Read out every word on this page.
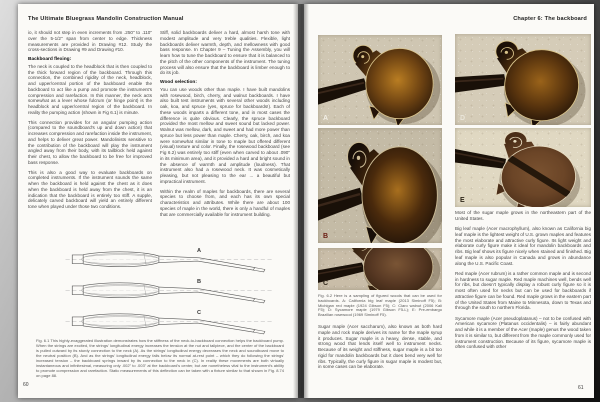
The Ultimate Bluegrass Mandolin Construction Manual

io, it should not step in even increments from .250" to .110" over the 5-1/2" span from center to edge. Thickness measurements are provided in Drawing #12. Study the cross-sections in Drawing #9 and Drawing #10.

Backboard flexing:

The neck is coupled to the headblock that is then coupled to the thick forward region of the backboard. Through this connection, the combined rigidity of the neck, headblock, and upper/central portion of the backboard enable the backboard to act like a pump and promote the instrument's compression and rarefaction. In this manner, the neck acts somewhat as a lever whose fulcrum (or hinge point) is the headblock and upper/central region of the backboard. In reality the pumping action (shown in Fig 6.1) is minute.

This connection provides for an angular pumping action (compared to the soundboard's up and down action) that increases compression and rarefaction inside the instrument, and helps to deliver great power. Mandolinists sensitive to the contribution of the backboard will play the instrument angled away from their body, with its tailblock held against their chest, to allow the backboard to be free for improved bass response.

This is also a good way to evaluate backboards on completed instruments. If the instrument sounds the same when the backboard is held against the chest as it does when the backboard is held away from the chest, it is an indication that the backboard is entirely too stiff. A supple, delicately carved backboard will yield an entirely different tone when played under those two conditions.

Stiff, solid backboards deliver a hard, almost harsh tone with modest amplitude and very treble qualities. Flexible, light backboards deliver warmth, depth, and mellowness with good bass response. In Chapter 9 – Tuning the Assembly, you will learn how to tune the backboard to ensure that it is balanced to the pitch of the other components of the instrument. The tuning process will also ensure that the backboard is limber enough to do its job.

Wood selection:

You can use woods other than maple. I have built mandolins with rosewood, birch, cherry, and walnut backboards. I have also built test instruments with several other woods including oak, koa, and spruce (yes, spruce for backboards!). Each of these woods imparts a different tone, and in most cases the difference is quite obvious. Clearly, the spruce backboard provided the most mellow and sweet sound but lacked power. Walnut was mellow, dark, and sweet and had more power than spruce but less power than maple. Cherry, oak, birch, and koa were somewhat similar in tone to maple but offered different (visual) texture and color. Finally, the rosewood backboard (see Fig 6.2) was entirely too stiff (even when carved to about .090" in its minimum area), and it provided a hard and bright sound in the absence of warmth and amplitude (loudness). That instrument also had a rosewood neck. It was cosmetically pleasing, but not pleasing to the ear ... a beautiful but impractical instrument.

Within the realm of maples for backboards, there are several species to choose from, and each has its own special characteristics and attributes. While there are about 100 species of maple in the world, there is only a handful of maples that are commercially available for instrument building.

A
B
C

Fig. 6.1 This highly-exaggerated illustration demonstrates how the stiffness of the neck-to-backboard connection helps the backboard pump. When the strings are excited, the strings' longitudinal energy increases the tension at the nut and tailpiece, and the center of the backboard is pulled outward by its sturdy connection to the neck (A). As the strings' longitudinal energy decreases the neck and soundboard move to the neutral position (B). And as the strings' longitudinal energy falls below its normal at-rest point – which they do following the strings' increased tension – the backboard springs inward by its connection to the neck in (C). In reality these movements are both virtually instantaneous and infinitesimal, measuring only .002" to .003" at the backboard's center, but are nonetheless vital to the instrument's ability to promote compression and rarefaction. Static measurements of this deflection can be taken with a fixture similar to that shown in Fig. 8.74 on page 88.

60
Chapter 6: The backboard
A	D
B
E
C

Fig. 6.2 Here is a sampling of figured woods that can be used for backboards. A: California big leaf maple (2013 Siminoff F5); B: Michigan red maple (1924 Gibson F5); C: Claro walnut (2006 Kali F5); D: Sycamore maple (1979 Gibson F5-L); E: Pre-embargo Brazilian rosewood (1969 Siminoff F5).

Sugar maple (Acer saccharum), also known as both hard maple and rock maple derives its name for the maple syrup it produces. Sugar maple is a heavy, dense, stable, and strong wood that lends itself well to instrument necks. Because of its weight and stiffness, sugar maple is a bit too rigid for mandolin backboards but it does bend very well for ribs. Typically, the curly figure in sugar maple is modest but, in some cases can be elaborate.

Most of the sugar maple grows in the northeastern part of the United States.

Big leaf maple (Acer macrophyllum), also known as California big leaf maple is the lightest weight of U.S. grown maples and features the most elaborate and attractive curly figure. Its light weight and elaborate curly figure make it ideal for mandolin backboards and ribs. Big leaf shows its figure nicely when stained and finished. Big leaf maple is also popular in Canada and grows in abundance along the U.S. Pacific Coast.

Red maple (Acer rubrum) is a rather common maple and is second in hardness to sugar maple. Red maple machines well, bends well for ribs, but doesn't typically display a robust curly figure so it is most often used for necks but can be used for backboards if attractive figure can be found. Red maple grows in the eastern part of the United States from Maine to Minnesota, down to Texas and through the south to northern Florida.

Sycamore maple (Acer pseudoplatanus) – not to be confused with American sycamore (Platanus occidentalis) – is fairly abundant and while it is a member of the Acer (maple) genus the wood taken from it is similar to, but different from the maple commonly used for instrument construction. Because of its figure, sycamore maple is often confused with other

61
